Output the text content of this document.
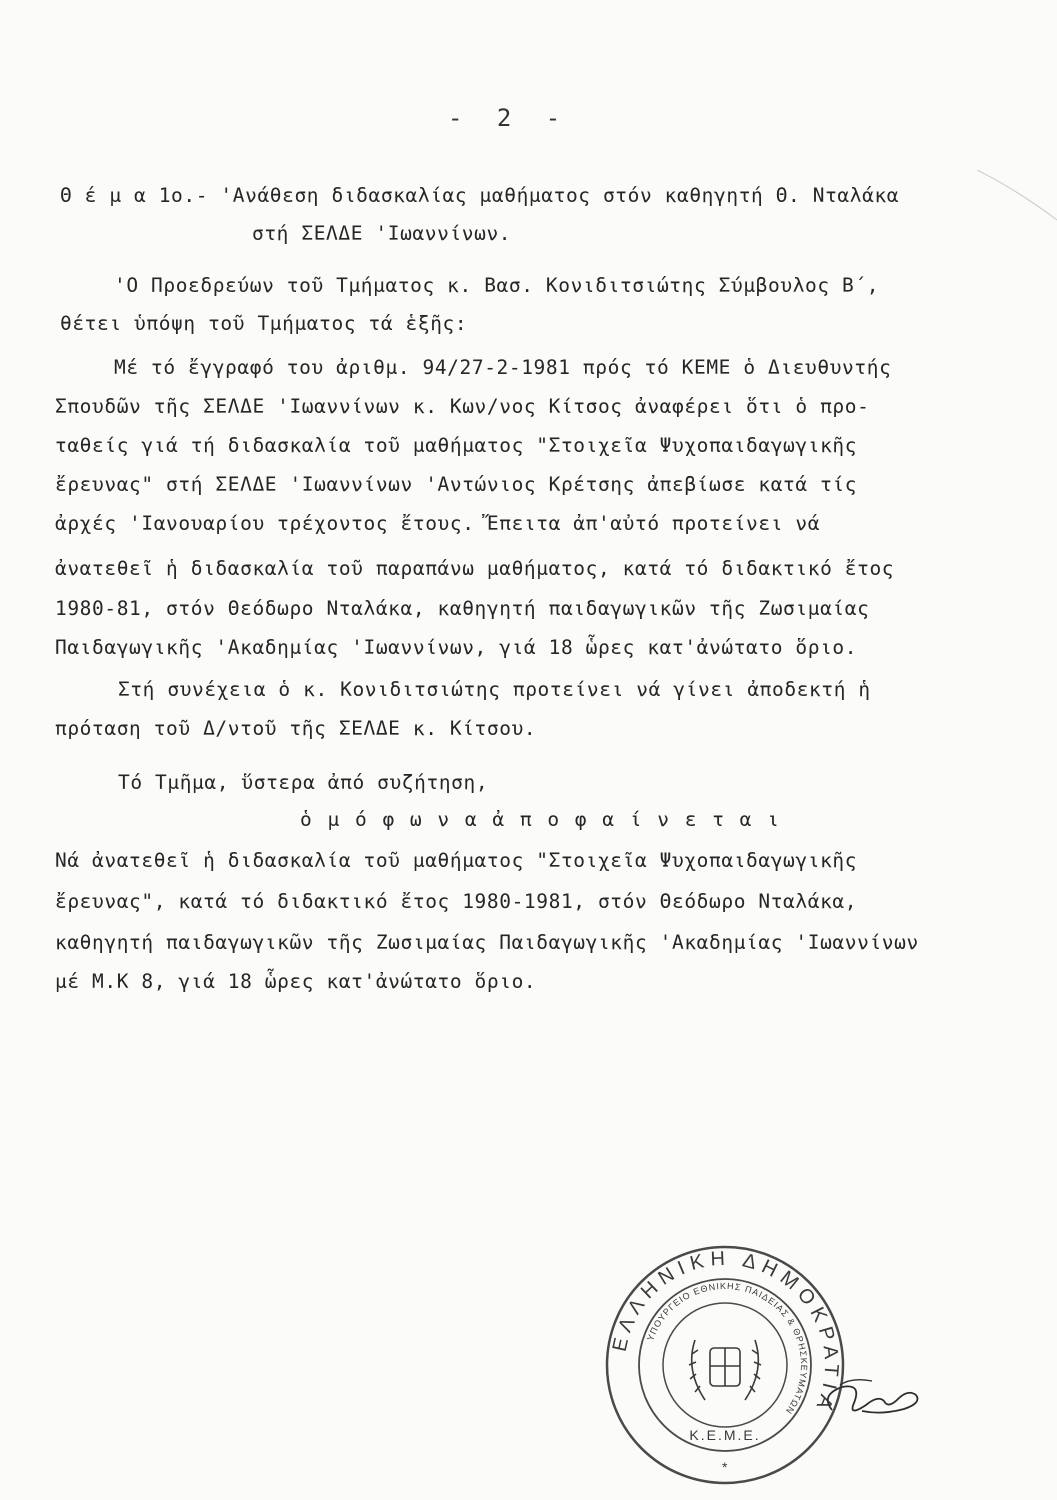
- 2 -
Θ έ μ α 1ο.- 'Ανάθεση διδασκαλίας μαθήματος στόν καθηγητή Θ. Νταλάκα
στή ΣΕΛΔΕ 'Ιωαννίνων.
'Ο Προεδρεύων τοῦ Τμήματος κ. Βασ. Κονιδιτσιώτης Σύμβουλος Β΄,
θέτει ὑπόψη τοῦ Τμήματος τά ἑξῆς:
Μέ τό ἔγγραφό του ἀριθμ. 94/27-2-1981 πρός τό ΚΕΜΕ ὁ Διευθυντής
Σπουδῶν τῆς ΣΕΛΔΕ 'Ιωαννίνων κ. Κων/νος Κίτσος ἀναφέρει ὅτι ὁ προ-
ταθείς γιά τή διδασκαλία τοῦ μαθήματος "Στοιχεῖα Ψυχοπαιδαγωγικῆς
ἔρευνας" στή ΣΕΛΔΕ 'Ιωαννίνων 'Αντώνιος Κρέτσης ἀπεβίωσε κατά τίς
ἀρχές 'Ιανουαρίου τρέχοντος ἔτους. Ἔπειτα ἀπ'αὐτό προτείνει νά
ἀνατεθεῖ ἡ διδασκαλία τοῦ παραπάνω μαθήματος, κατά τό διδακτικό ἔτος
1980-81, στόν Θεόδωρο Νταλάκα, καθηγητή παιδαγωγικῶν τῆς Ζωσιμαίας
Παιδαγωγικῆς 'Ακαδημίας 'Ιωαννίνων, γιά 18 ὧρες κατ'ἀνώτατο ὅριο.
Στή συνέχεια ὁ κ. Κονιδιτσιώτης προτείνει νά γίνει ἀποδεκτή ἡ
πρόταση τοῦ Δ/ντοῦ τῆς ΣΕΛΔΕ κ. Κίτσου.
Τό Τμῆμα, ὕστερα ἀπό συζήτηση,
ὁ μ ό φ ω ν α ἀ π ο φ α ί ν ε τ α ι
Νά ἀνατεθεῖ ἡ διδασκαλία τοῦ μαθήματος "Στοιχεῖα Ψυχοπαιδαγωγικῆς
ἔρευνας", κατά τό διδακτικό ἔτος 1980-1981, στόν Θεόδωρο Νταλάκα,
καθηγητή παιδαγωγικῶν τῆς Ζωσιμαίας Παιδαγωγικῆς 'Ακαδημίας 'Ιωαννίνων
μέ Μ.Κ 8, γιά 18 ὧρες κατ'ἀνώτατο ὅριο.
ΕΛΛΗΝΙΚΗ ΔΗΜΟΚΡΑΤΙΑ
ΥΠΟΥΡΓΕΙΟ ΕΘΝΙΚΗΣ ΠΑΙΔΕΙΑΣ & ΘΡΗΣΚΕΥΜΑΤΩΝ
Κ.Ε.Μ.Ε.
*
